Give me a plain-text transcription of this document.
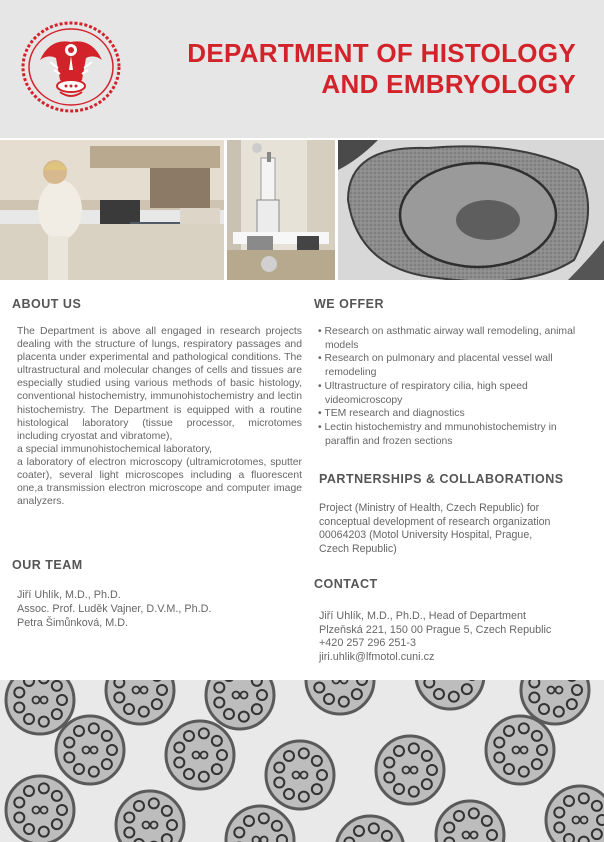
DEPARTMENT OF HISTOLOGY
AND EMBRYOLOGY
ABOUT US

The Department is above all engaged in research projects dealing with the structure of lungs, respiratory passages and placenta under experimental and pathological conditions. The ultrastructural and molecular changes of cells and tissues are especially studied using various methods of basic histology, conventional histochemistry, immunohistochemistry and lectin histochemistry. The Department is equipped with a routine histological laboratory (tissue processor, microtomes including cryostat and vibratome),

a special immunohistochemical laboratory,

a laboratory of electron microscopy (ultramicrotomes, sputter coater), several light microscopes including a fluorescent one,a transmission electron microscope and computer image analyzers.

OUR TEAM
Jiří Uhlík, M.D., Ph.D.
Assoc. Prof. Luděk Vajner, D.V.M., Ph.D.
Petra Šimůnková, M.D.
WE OFFER
• Research on asthmatic airway wall remodeling, animal models
• Research on pulmonary and placental vessel wall remodeling
• Ultrastructure of respiratory cilia, high speed videomicroscopy
• TEM research and diagnostics
• Lectin histochemistry and mmunohistochemistry in paraffin and frozen sections
PARTNERSHIPS & COLLABORATIONS
Project (Ministry of Health, Czech Republic) for
conceptual development of research organization
00064203 (Motol University Hospital, Prague,
Czech Republic)
CONTACT
Jiří Uhlík, M.D., Ph.D., Head of Department
Plzeňská 221, 150 00 Prague 5, Czech Republic
+420 257 296 251-3
jiri.uhlik@lfmotol.cuni.cz
